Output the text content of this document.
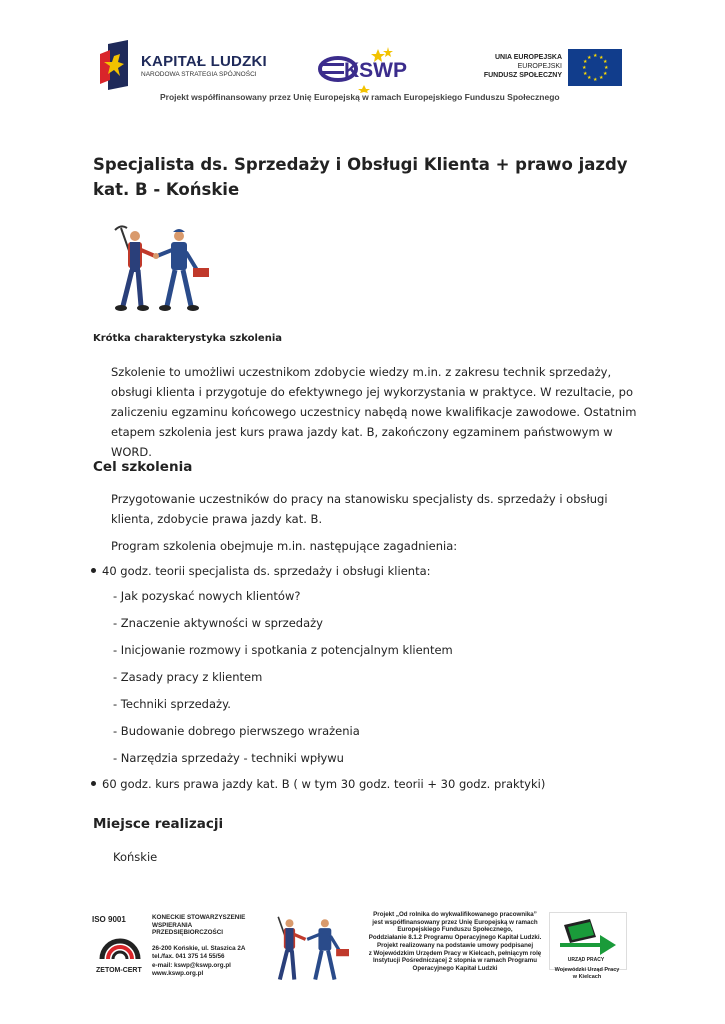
KAPITAŁ LUDZKI
NARODOWA STRATEGIA SPÓJNOŚCI	KSWP
UNIA EUROPEJSKA
EUROPEJSKI
FUNDUSZ SPOŁECZNY
★ ★
★
★
★
★
★
★
★
★
★
★
Projekt współfinansowany przez Unię Europejską w ramach Europejskiego Funduszu Społecznego
Specjalista ds. Sprzedaży i Obsługi Klienta + prawo jazdy kat. B - Końskie
Krótka charakterystyka szkolenia
Szkolenie to umożliwi uczestnikom zdobycie wiedzy m.in. z zakresu technik sprzedaży, obsługi klienta i przygotuje do efektywnego jej wykorzystania w praktyce. W rezultacie, po zaliczeniu egzaminu końcowego uczestnicy nabędą nowe kwalifikacje zawodowe. Ostatnim etapem szkolenia jest kurs prawa jazdy kat. B, zakończony egzaminem państwowym w WORD.
Cel szkolenia
Przygotowanie uczestników do pracy na stanowisku specjalisty ds. sprzedaży i obsługi klienta, zdobycie prawa jazdy kat. B.
Program szkolenia obejmuje m.in. następujące zagadnienia:
40 godz. teorii specjalista ds. sprzedaży i obsługi klienta:
- Jak pozyskać nowych klientów?
- Znaczenie aktywności w sprzedaży
- Inicjowanie rozmowy i spotkania z potencjalnym klientem
- Zasady pracy z klientem
- Techniki sprzedaży.
- Budowanie dobrego pierwszego wrażenia
- Narzędzia sprzedaży - techniki wpływu
60 godz. kurs prawa jazdy kat. B ( w tym 30 godz. teorii + 30 godz. praktyki)
Miejsce realizacji
Końskie
ISO 9001
ZETOM-CERT
KONECKIE STOWARZYSZENIE
WSPIERANIA
PRZEDSIĘBIORCZOŚCI
26-200 Końskie, ul. Staszica 2A
tel./fax. 041 375 14 55/56
e-mail: kswp@kswp.org.pl
www.kswp.org.pl
Projekt „Od rolnika do wykwalifikowanego pracownika”
jest współfinansowany przez Unię Europejską w ramach
Europejskiego Funduszu Społecznego,
Poddziałanie 8.1.2 Programu Operacyjnego Kapitał Ludzki.
Projekt realizowany na podstawie umowy podpisanej
z Wojewódzkim Urzędem Pracy w Kielcach, pełniącym rolę
Instytucji Pośredniczącej 2 stopnia w ramach Programu
Operacyjnego Kapitał Ludzki
URZĄD PRACY
Wojewódzki Urząd Pracy
w Kielcach
